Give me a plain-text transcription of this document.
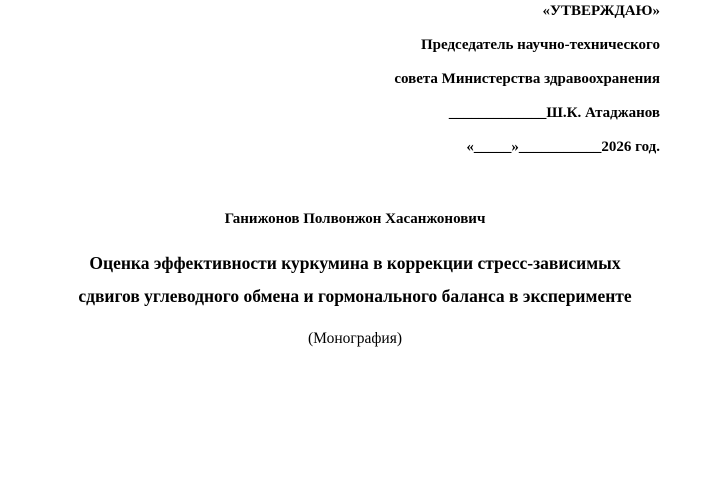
«УТВЕРЖДАЮ»
Председатель научно-технического
совета Министерства здравоохранения
_____________Ш.К. Атаджанов
«_____»___________2026 год.
Ганижонов Полвонжон Хасанжонович
Оценка эффективности куркумина в коррекции стресс-зависимых
сдвигов углеводного обмена и гормонального баланса в эксперименте
(Монография)
